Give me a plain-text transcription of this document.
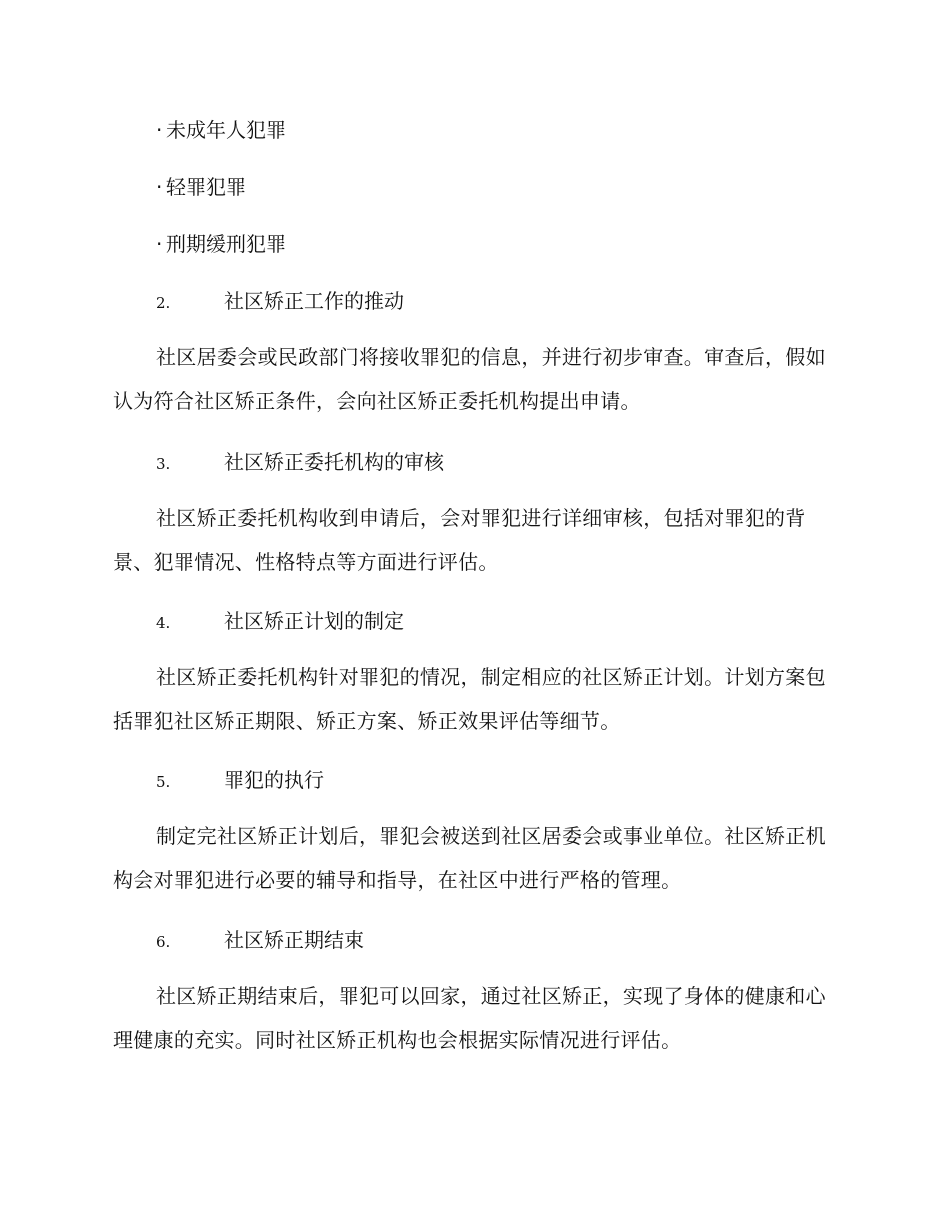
· 未成年人犯罪
· 轻罪犯罪
· 刑期缓刑犯罪
2.	社区矫正工作的推动
社区居委会或民政部门将接收罪犯的信息，并进行初步审查。审查后，假如认为符合社区矫正条件，会向社区矫正委托机构提出申请。
3.	社区矫正委托机构的审核
社区矫正委托机构收到申请后，会对罪犯进行详细审核，包括对罪犯的背景、犯罪情况、性格特点等方面进行评估。
4.	社区矫正计划的制定
社区矫正委托机构针对罪犯的情况，制定相应的社区矫正计划。计划方案包括罪犯社区矫正期限、矫正方案、矫正效果评估等细节。
5.	罪犯的执行
制定完社区矫正计划后，罪犯会被送到社区居委会或事业单位。社区矫正机构会对罪犯进行必要的辅导和指导，在社区中进行严格的管理。
6.	社区矫正期结束
社区矫正期结束后，罪犯可以回家，通过社区矫正，实现了身体的健康和心理健康的充实。同时社区矫正机构也会根据实际情况进行评估。
